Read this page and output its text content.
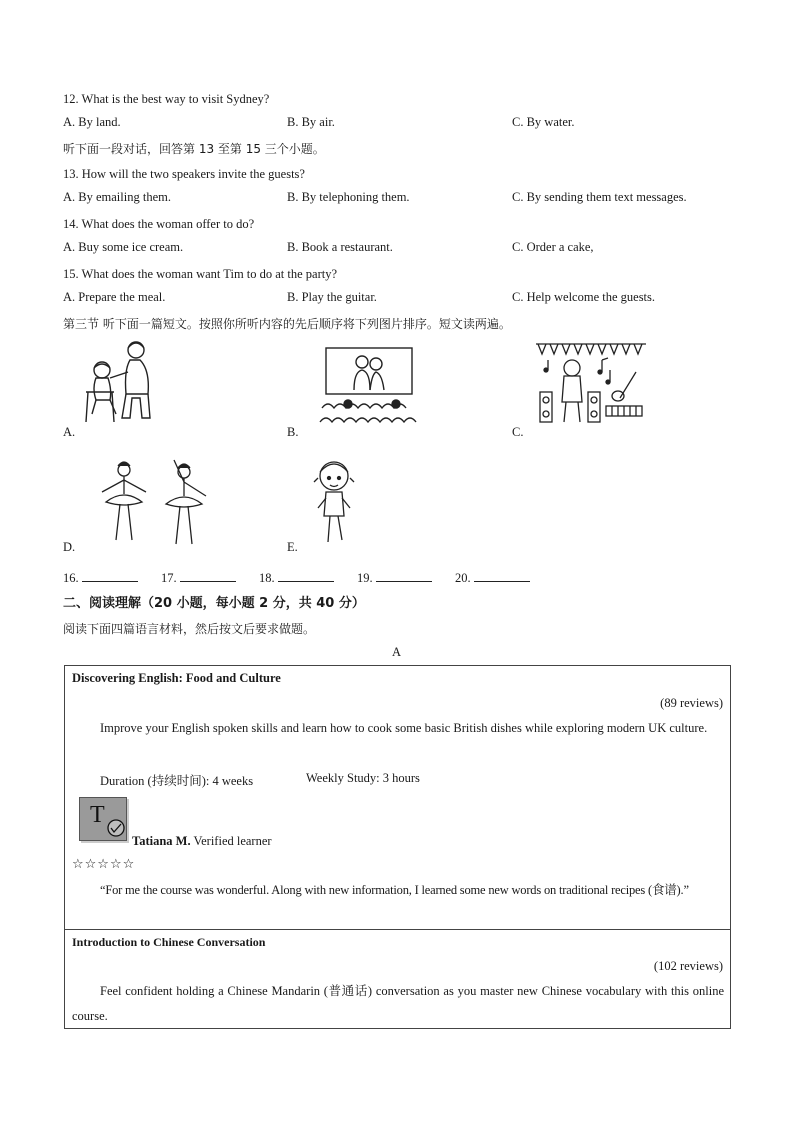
12. What is the best way to visit Sydney?
A. By land.	B. By air.	C. By water.
听下面一段对话，回答第 13 至第 15 三个小题。
13. How will the two speakers invite the guests?
A. By emailing them.	B. By telephoning them.	C. By sending them text messages.
14. What does the woman offer to do?
A. Buy some ice cream.	B. Book a restaurant.	C. Order a cake,
15. What does the woman want Tim to do at the party?
A. Prepare the meal.	B. Play the guitar.	C. Help welcome the guests.
第三节 听下面一篇短文。按照你所听内容的先后顺序将下列图片排序。短文读两遍。
A.	B.	C.
D.	E.
16.	17.	18.	19.	20.
二、阅读理解（20 小题，每小题 2 分，共 40 分）
阅读下面四篇语言材料，然后按文后要求做题。
A
Discovering English: Food and Culture
(89 reviews)
Improve your English spoken skills and learn how to cook some basic British dishes while exploring modern UK culture.
Duration (持续时间): 4 weeks	Weekly Study: 3 hours
T
Tatiana M. Verified learner
☆☆☆☆☆
“For me the course was wonderful. Along with new information, I learned some new words on traditional recipes (食谱).”
Introduction to Chinese Conversation
(102 reviews)
Feel confident holding a Chinese Mandarin (普通话) conversation as you master new Chinese vocabulary with this online course.
